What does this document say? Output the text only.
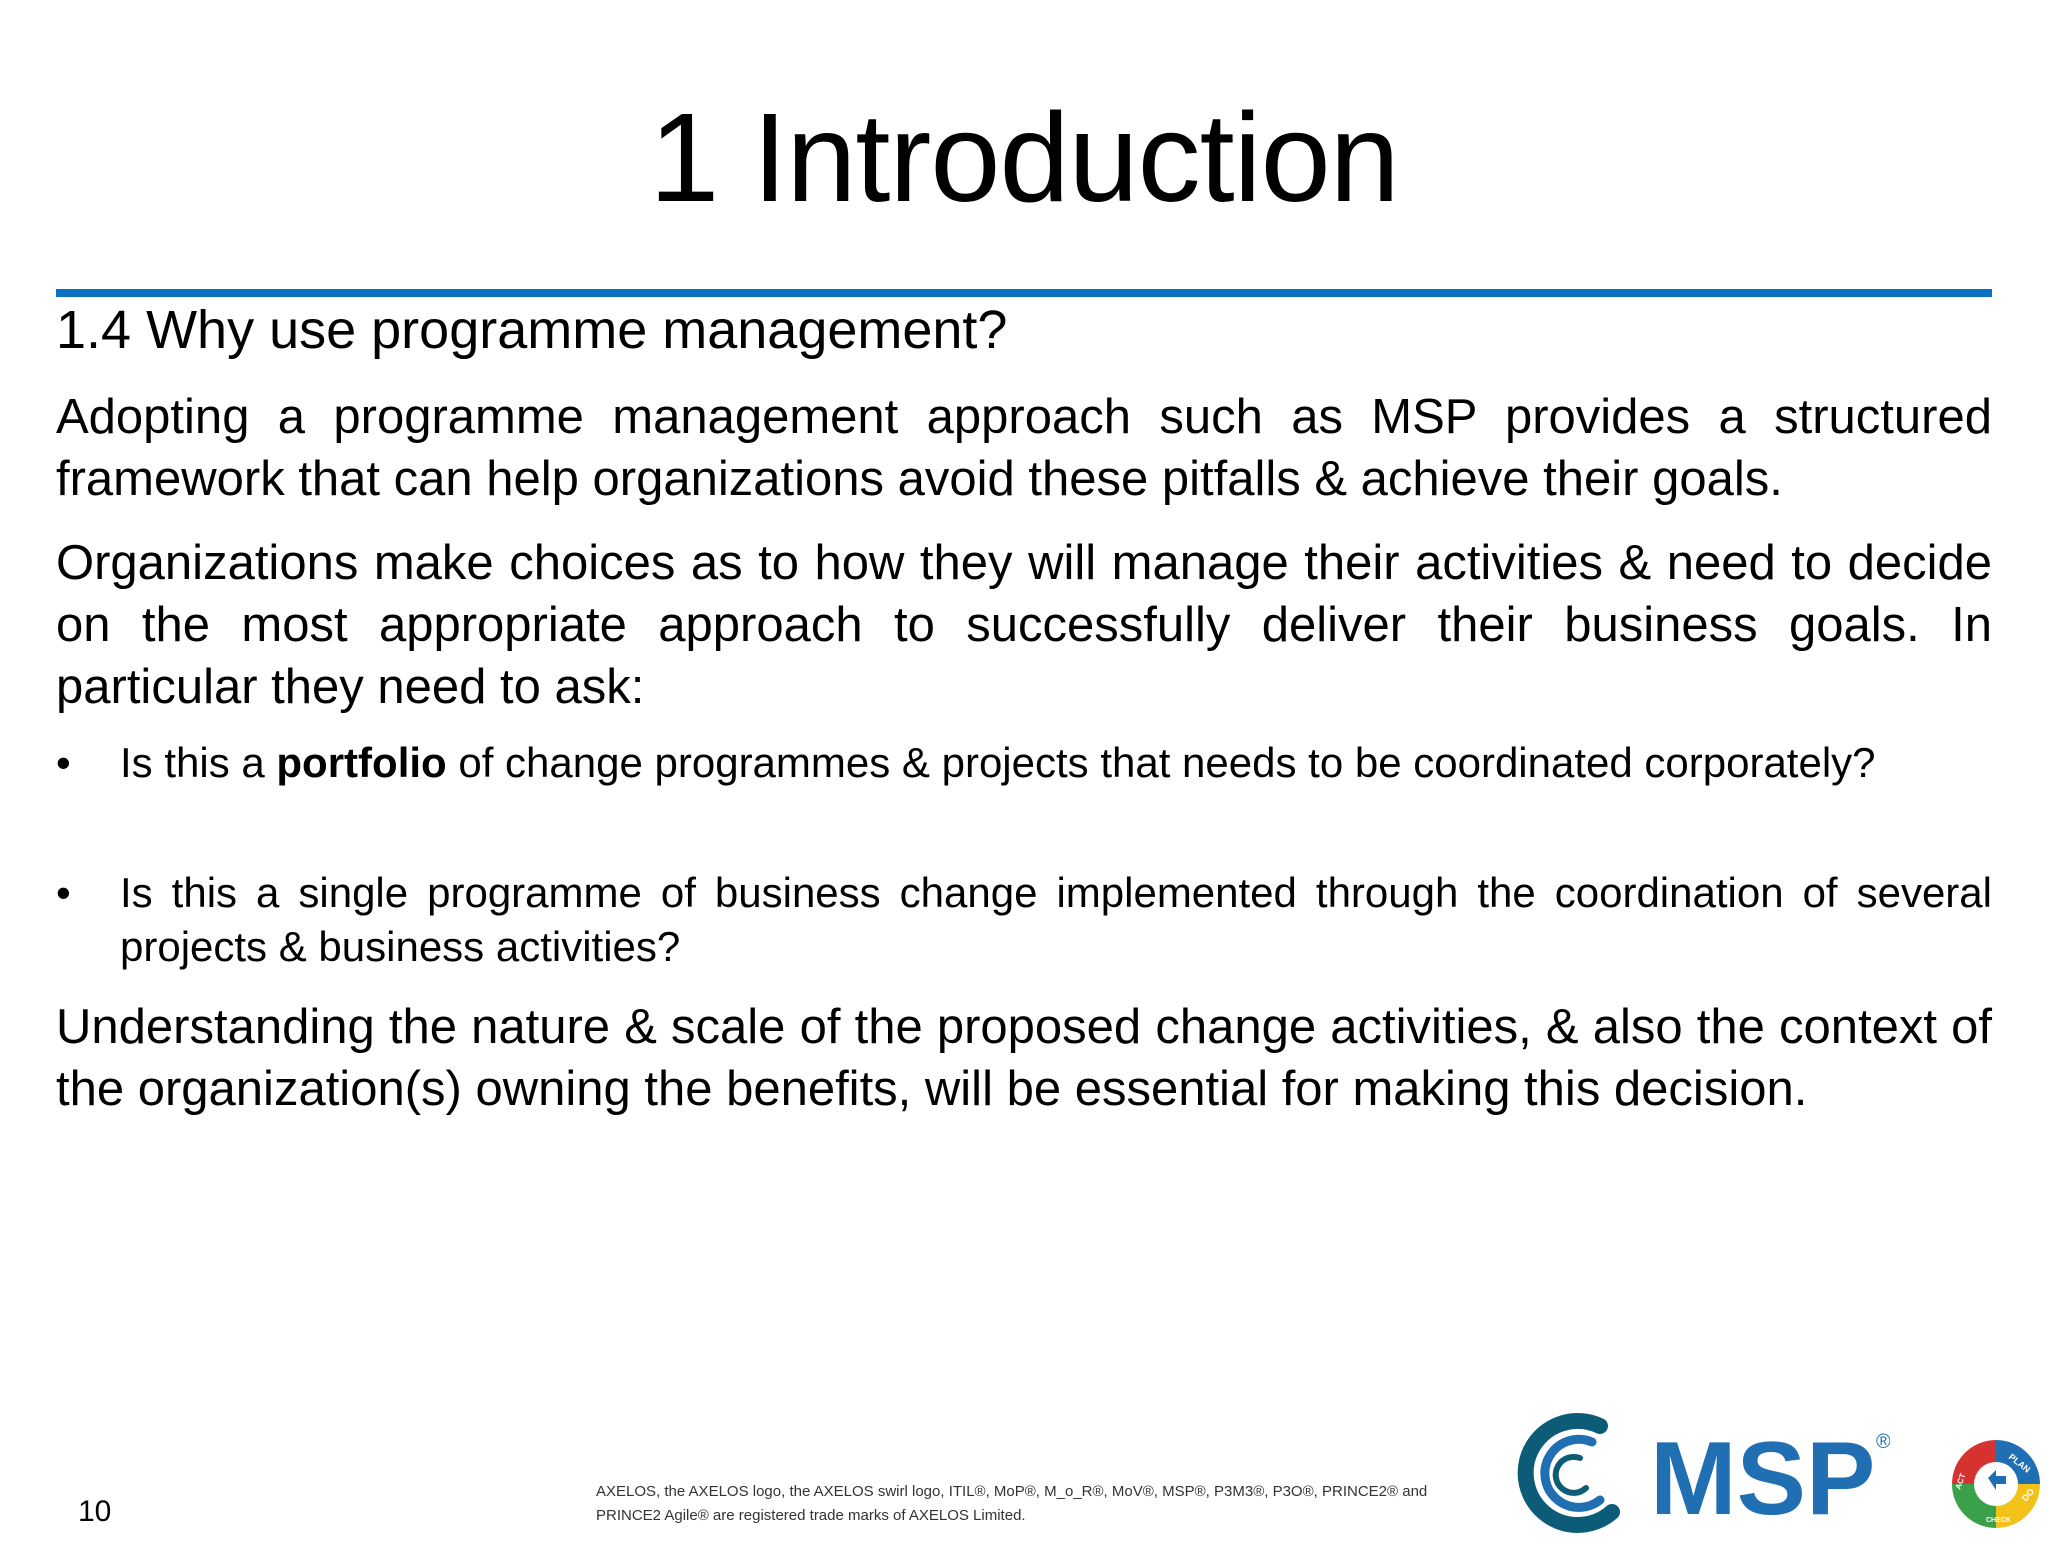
1 Introduction
1.4 Why use programme management?

Adopting a programme management approach such as MSP provides a structured framework that can help organizations avoid these pitfalls & achieve their goals.

Organizations make choices as to how they will manage their activities & need to decide on the most appropriate approach to successfully deliver their business goals. In particular they need to ask:

•	Is this a portfolio of change programmes & projects that needs to be coordinated corporately?
•	Is this a single programme of business change implemented through the coordination of several projects & business activities?

Understanding the nature & scale of the proposed change activities, & also the context of the organization(s) owning the benefits, will be essential for making this decision.

10
AXELOS, the AXELOS logo, the AXELOS swirl logo, ITIL®, MoP®, M_o_R®, MoV®, MSP®, P3M3®, P3O®, PRINCE2® and
PRINCE2 Agile® are registered trade marks of AXELOS Limited.	MSP ®
PLAN
DO
CHECK
ACT
